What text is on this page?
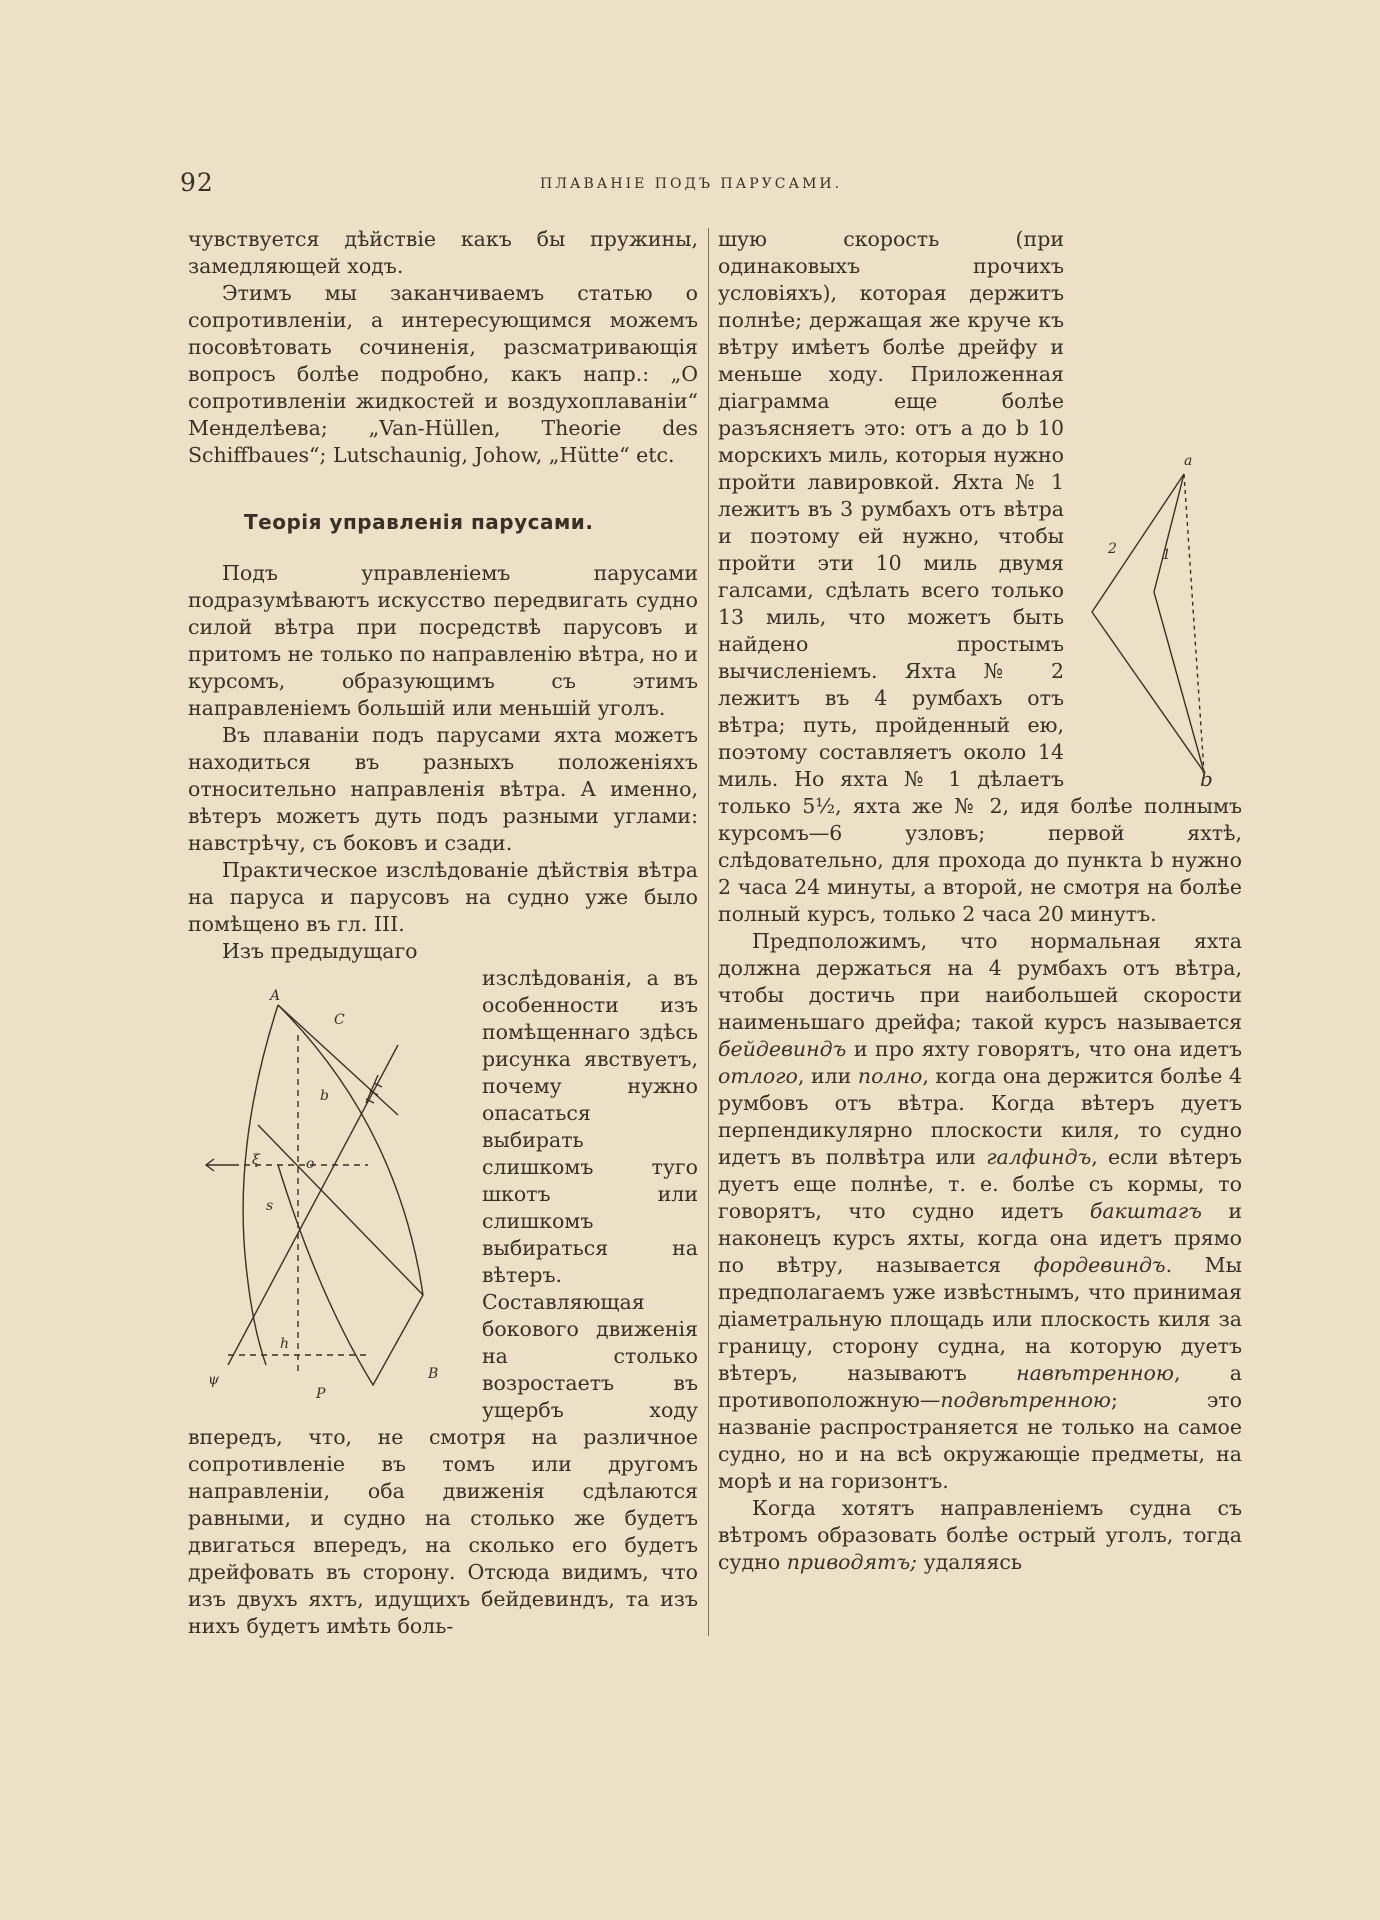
92	ПЛАВАНІЕ ПОДЪ ПАРУСАМИ.

чувствуется дѣйствіе какъ бы пружины, замедляющей ходъ.

Этимъ мы заканчиваемъ статью о сопротивленіи, а интересующимся можемъ посовѣтовать сочиненія, разсматривающія вопросъ болѣе подробно, какъ напр.: „О сопротивленіи жидкостей и воздухоплаваніи“ Менделѣева; „Van-Hüllen, Theorie des Schiffbaues“; Lutschaunig, Johow, „Hütte“ etc.

Теорія управленія парусами.

Подъ управленіемъ парусами подразумѣваютъ искусство передвигать судно силой вѣтра при посредствѣ парусовъ и притомъ не только по направленію вѣтра, но и курсомъ, образующимъ съ этимъ направленіемъ большій или меньшій уголъ.

Въ плаваніи подъ парусами яхта можетъ находиться въ разныхъ положеніяхъ относительно направленія вѣтра. А именно, вѣтеръ можетъ дуть подъ разными углами: навстрѣчу, съ боковъ и сзади.

Практическое изслѣдованіе дѣйствія вѣтра на паруса и парусовъ на судно уже было помѣщено въ гл. III.

Изъ предыдущаго

A
C
ξ	o
b
P
B
ψ
h
s

изслѣдованія, а въ особенности изъ помѣщеннаго здѣсь рисунка явствуетъ, почему нужно опасаться выбирать слишкомъ туго шкотъ или слишкомъ выбираться на вѣтеръ. Составляющая бокового движенія на столько возростаетъ въ ущербъ ходу впередъ, что, не смотря на различное сопротивленіе въ томъ или другомъ направленіи, оба движенія сдѣлаются равными, и судно на столько же будетъ двигаться впередъ, на сколько его будетъ дрейфовать въ сторону. Отсюда видимъ, что изъ двухъ яхтъ, идущихъ бейдевиндъ, та изъ нихъ будетъ имѣть боль-

a
2	1
b

шую скорость (при одинаковыхъ прочихъ условіяхъ), которая держитъ полнѣе; держащая же круче къ вѣтру имѣетъ болѣе дрейфу и меньше ходу. Приложенная діаграмма еще болѣе разъясняетъ это: отъ a до b 10 морскихъ миль, которыя нужно пройти лавировкой. Яхта № 1 лежитъ въ 3 румбахъ отъ вѣтра и поэтому ей нужно, чтобы пройти эти 10 миль двумя галсами, сдѣлать всего только 13 миль, что можетъ быть найдено простымъ вычисленіемъ. Яхта № 2 лежитъ въ 4 румбахъ отъ вѣтра; путь, пройденный ею, поэтому составляетъ около 14 миль. Но яхта № 1 дѣлаетъ только 5½, яхта же № 2, идя болѣе полнымъ курсомъ—6 узловъ; первой яхтѣ, слѣдовательно, для прохода до пункта b нужно 2 часа 24 минуты, а второй, не смотря на болѣе полный курсъ, только 2 часа 20 минутъ.

Предположимъ, что нормальная яхта должна держаться на 4 румбахъ отъ вѣтра, чтобы достичь при наибольшей скорости наименьшаго дрейфа; такой курсъ называется бейдевиндъ и про яхту говорятъ, что она идетъ отлого, или полно, когда она держится болѣе 4 румбовъ отъ вѣтра. Когда вѣтеръ дуетъ перпендикулярно плоскости киля, то судно идетъ въ полвѣтра или галфиндъ, если вѣтеръ дуетъ еще полнѣе, т. е. болѣе съ кормы, то говорятъ, что судно идетъ бакштагъ и наконецъ курсъ яхты, когда она идетъ прямо по вѣтру, называется фордевиндъ. Мы предполагаемъ уже извѣстнымъ, что принимая діаметральную площадь или плоскость киля за границу, сторону судна, на которую дуетъ вѣтеръ, называютъ навѣтренною, а противоположную—подвѣтренною; это названіе распространяется не только на самое судно, но и на всѣ окружающіе предметы, на морѣ и на горизонтъ.

Когда хотятъ направленіемъ судна съ вѣтромъ образовать болѣе острый уголъ, тогда судно приводятъ; удаляясь
